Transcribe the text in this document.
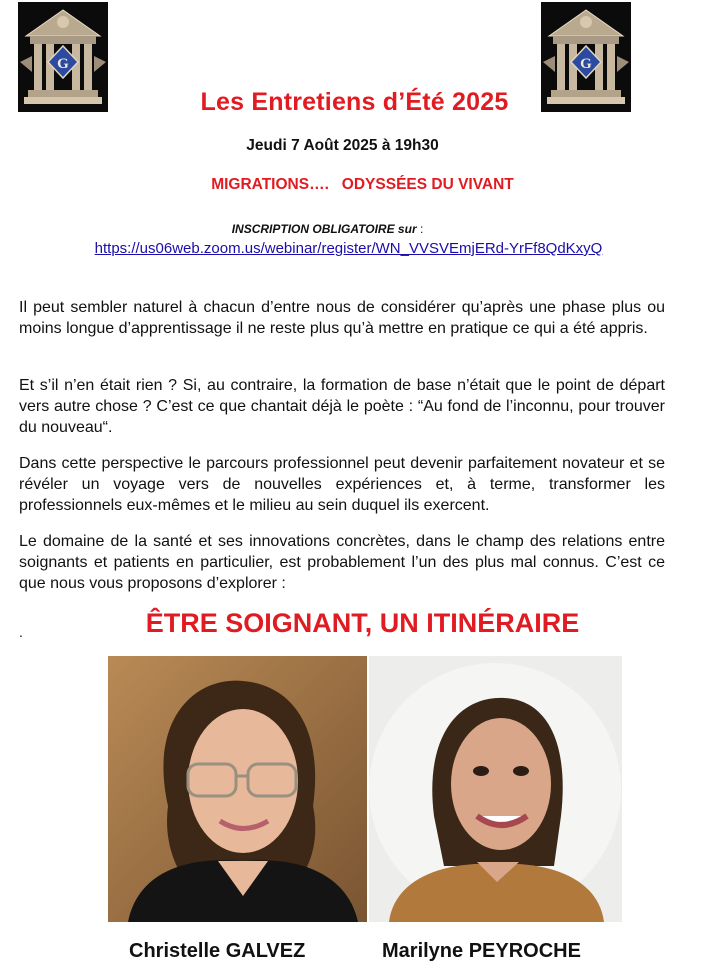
G	G
Les Entretiens d’Été 2025
Jeudi 7 Août 2025 à 19h30
MIGRATIONS….   ODYSSÉES DU VIVANT
INSCRIPTION OBLIGATOIRE sur :
https://us06web.zoom.us/webinar/register/WN_VVSVEmjERd-YrFf8QdKxyQ

Il peut sembler naturel à chacun d’entre nous de considérer qu’après une phase plus ou moins longue d’apprentissage il ne reste plus qu’à mettre en pratique ce qui a été appris.

Et s’il n’en était rien ? Si, au contraire, la formation de base n’était que le point de départ vers autre chose ? C’est ce que chantait déjà le poète : “Au fond de l’inconnu, pour trouver du nouveau“.

Dans cette perspective le parcours professionnel peut devenir parfaitement novateur et se révéler un voyage vers de nouvelles expériences et, à terme, transformer les professionnels eux-mêmes et le milieu au sein duquel ils exercent.

Le domaine de la santé et ses innovations concrètes, dans le champ des relations entre soignants et patients en particulier, est probablement l’un des plus mal connus. C’est ce que nous vous proposons d’explorer :

.	ÊTRE SOIGNANT, UN ITINÉRAIRE
Christelle GALVEZ	Marilyne PEYROCHE
